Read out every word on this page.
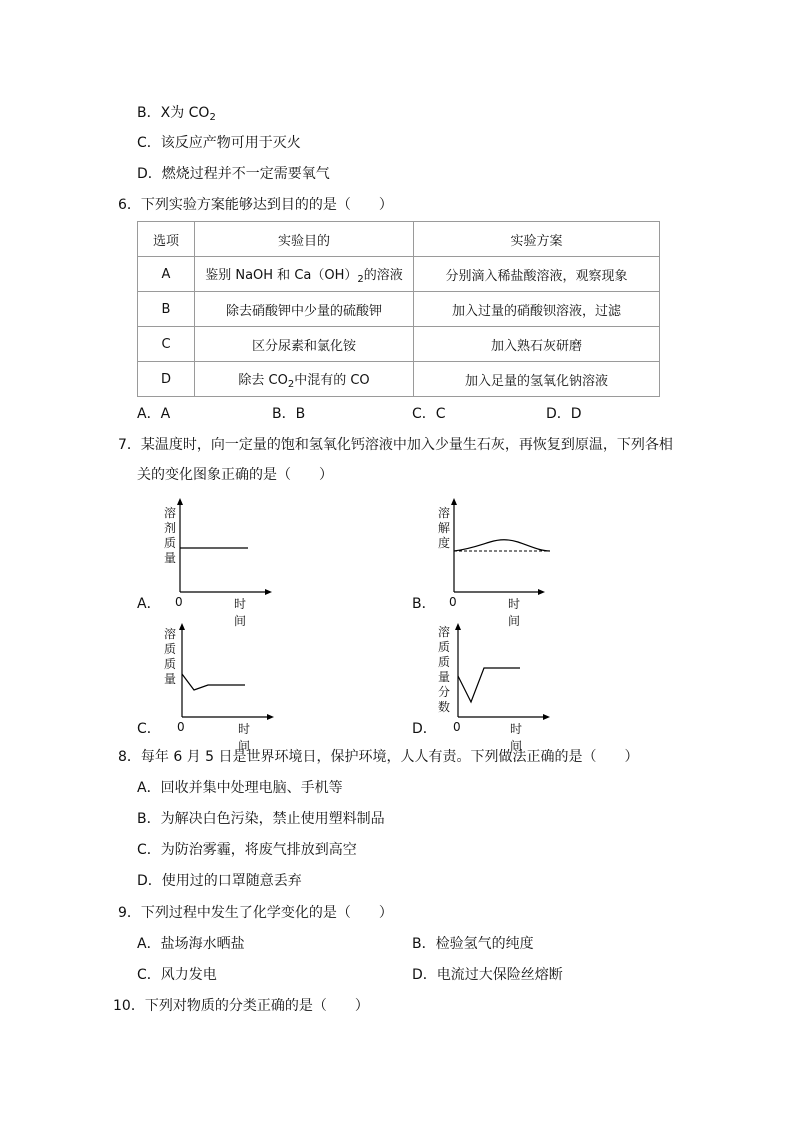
B．X为 $CO_2$
C．该反应产物可用于灭火
D．燃烧过程并不一定需要氧气
6．下列实验方案能够达到目的的是（　　）
选项	实验目的	实验方案
A	鉴别 NaOH 和 $Ca(OH)_2$的溶液	分别滴入稀盐酸溶液，观察现象
B	除去硝酸钾中少量的硫酸钾	加入过量的硝酸钡溶液，过滤
C	区分尿素和氯化铵	加入熟石灰研磨
D	除去 $CO_2$中混有的 CO	加入足量的氢氧化钠溶液
A．A	B．B	C．C	D．D
7．某温度时，向一定量的饱和氢氧化钙溶液中加入少量生石灰，再恢复到原温，下列各相
关的变化图象正确的是（　　）
溶
剂
质
量
0	时间
A．
溶
解
度
0	时间
B．
溶
质
质
量
0	时间
C．
溶
质
质
量
分
数
0	时间
D．
8．每年 6 月 5 日是世界环境日，保护环境，人人有责。下列做法正确的是（　　）
A．回收并集中处理电脑、手机等
B．为解决白色污染，禁止使用塑料制品
C．为防治雾霾，将废气排放到高空
D．使用过的口罩随意丢弃
9．下列过程中发生了化学变化的是（　　）
A．盐场海水晒盐	B．检验氢气的纯度
C．风力发电	D．电流过大保险丝熔断
10．下列对物质的分类正确的是（　　）
